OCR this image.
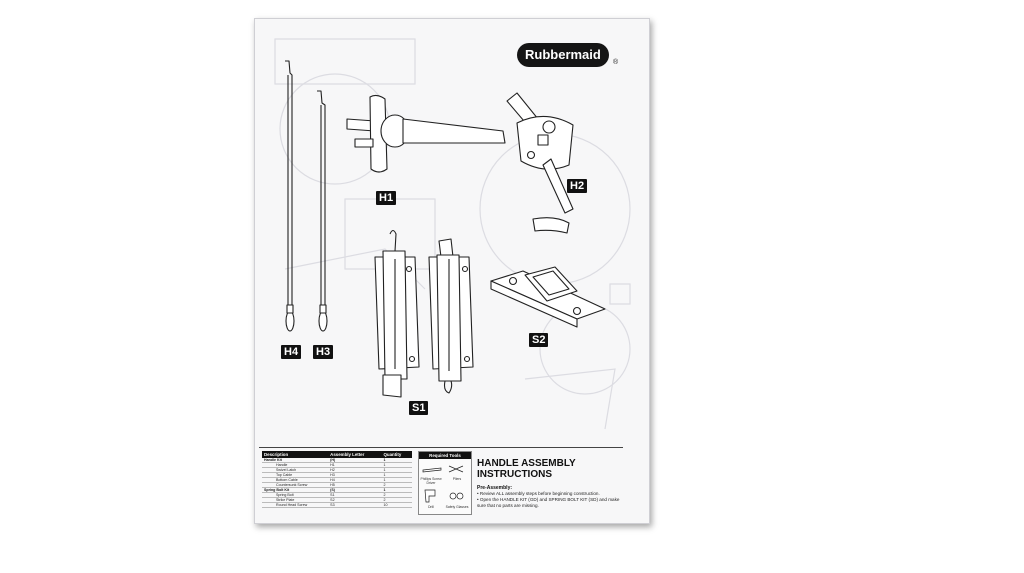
Rubbermaid
®
H1
H2
H4 H3
S1
S2
Description	Assembly Letter	Quantity
Handle Kit	(H)	1
Handle	H1	1
Swivel Latch	H2	1
Top Cable	H3	1
Bottom Cable	H4	1
Countersunk Screw	H5	2
Spring Bolt Kit	(S)	1
Spring Bolt	S1	2
Strike Plate	S2	2
Round Head Screw	S3	10
Required Tools
Phillips Screw Driver
Pliers
Drill	Safety Glasses
HANDLE ASSEMBLY
INSTRUCTIONS
Pre-Assembly:
• Review ALL assembly steps before beginning construction.
• Open the HANDLE KIT (GD) and SPRING BOLT KIT (SD) and make sure that no parts are missing.
